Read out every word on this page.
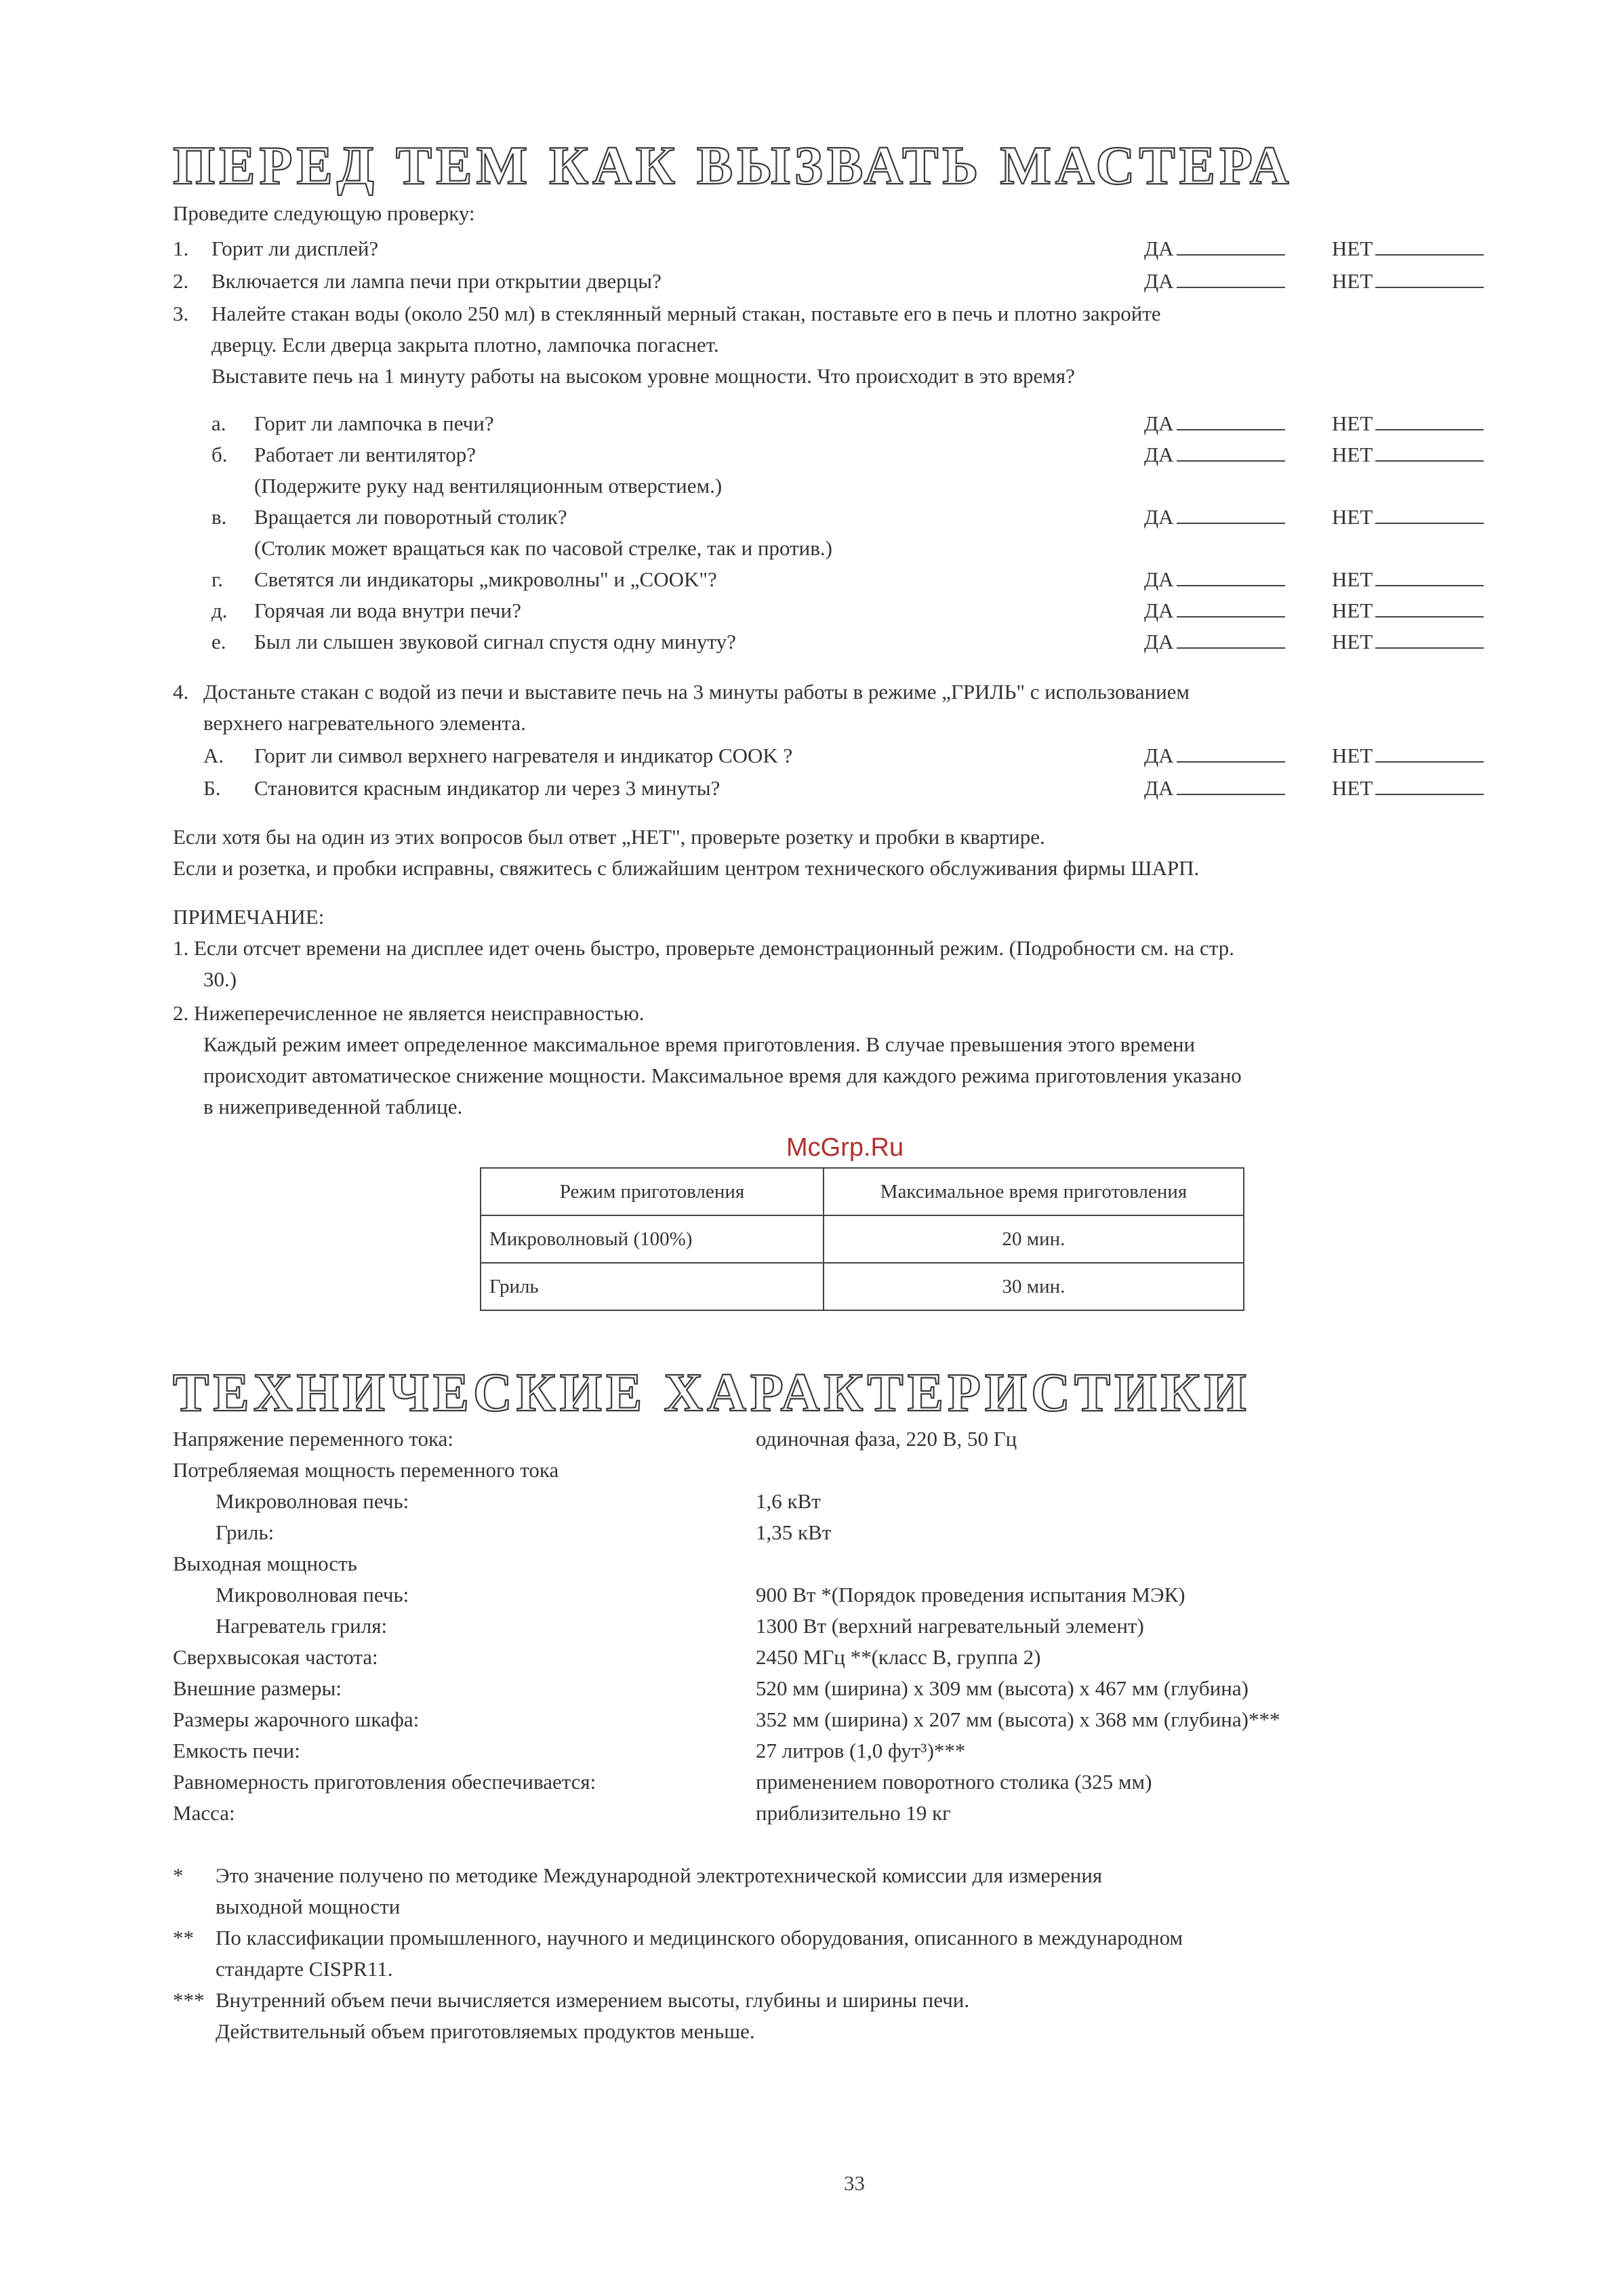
ПЕРЕД ТЕМ КАК ВЫЗВАТЬ МАСТЕРА
Проведите следующую проверку:
1. Горит ли дисплей?	ДА	НЕТ
2. Включается ли лампа печи при открытии дверцы?	ДА	НЕТ
3. Налейте стакан воды (около 250 мл) в стеклянный мерный стакан, поставьте его в печь и плотно закройте
дверцу. Если дверца закрыта плотно, лампочка погаснет.
Выставите печь на 1 минуту работы на высоком уровне мощности. Что происходит в это время?
а. Горит ли лампочка в печи?	ДА	НЕТ
б. Работает ли вентилятор?	ДА	НЕТ
(Подержите руку над вентиляционным отверстием.)
в. Вращается ли поворотный столик?	ДА	НЕТ
(Столик может вращаться как по часовой стрелке, так и против.)
г. Светятся ли индикаторы „микроволны" и „COOK"?	ДА	НЕТ
д. Горячая ли вода внутри печи?	ДА	НЕТ
е. Был ли слышен звуковой сигнал спустя одну минуту?	ДА	НЕТ
4. Достаньте стакан с водой из печи и выставите печь на 3 минуты работы в режиме „ГРИЛЬ" с использованием
верхнего нагревательного элемента.
А. Горит ли символ верхнего нагревателя и индикатор COOK ?	ДА	НЕТ
Б. Становится красным индикатор ли через 3 минуты?	ДА	НЕТ
Если хотя бы на один из этих вопросов был ответ „НЕТ", проверьте розетку и пробки в квартире.
Если и розетка, и пробки исправны, свяжитесь с ближайшим центром технического обслуживания фирмы ШАРП.
ПРИМЕЧАНИЕ:
1. Если отсчет времени на дисплее идет очень быстро, проверьте демонстрационный режим. (Подробности см. на стр.
30.)
2. Нижеперечисленное не является неисправностью.
Каждый режим имеет определенное максимальное время приготовления. В случае превышения этого времени
происходит автоматическое снижение мощности. Максимальное время для каждого режима приготовления указано
в нижеприведенной таблице.
McGrp.Ru
Режим приготовления	Максимальное время приготовления
Микроволновый (100%)	20 мин.
Гриль	30 мин.
ТЕХНИЧЕСКИЕ ХАРАКТЕРИСТИКИ
Напряжение переменного тока:	одиночная фаза, 220 В, 50 Гц
Потребляемая мощность переменного тока
Микроволновая печь:	1,6 кВт
Гриль:	1,35 кВт
Выходная мощность
Микроволновая печь:	900 Вт *(Порядок проведения испытания МЭК)
Нагреватель гриля:	1300 Вт (верхний нагревательный элемент)
Сверхвысокая частота:	2450 МГц **(класс В, группа 2)
Внешние размеры:	520 мм (ширина) x 309 мм (высота) x 467 мм (глубина)
Размеры жарочного шкафа:	352 мм (ширина) x 207 мм (высота) x 368 мм (глубина)***
Емкость печи:	27 литров (1,0 фут³)***
Равномерность приготовления обеспечивается:	применением поворотного столика (325 мм)
Масса:	приблизительно 19 кг
* Это значение получено по методике Международной электротехнической комиссии для измерения
выходной мощности
** По классификации промышленного, научного и медицинского оборудования, описанного в международном
стандарте CISPR11.
*** Внутренний объем печи вычисляется измерением высоты, глубины и ширины печи.
Действительный объем приготовляемых продуктов меньше.
33
